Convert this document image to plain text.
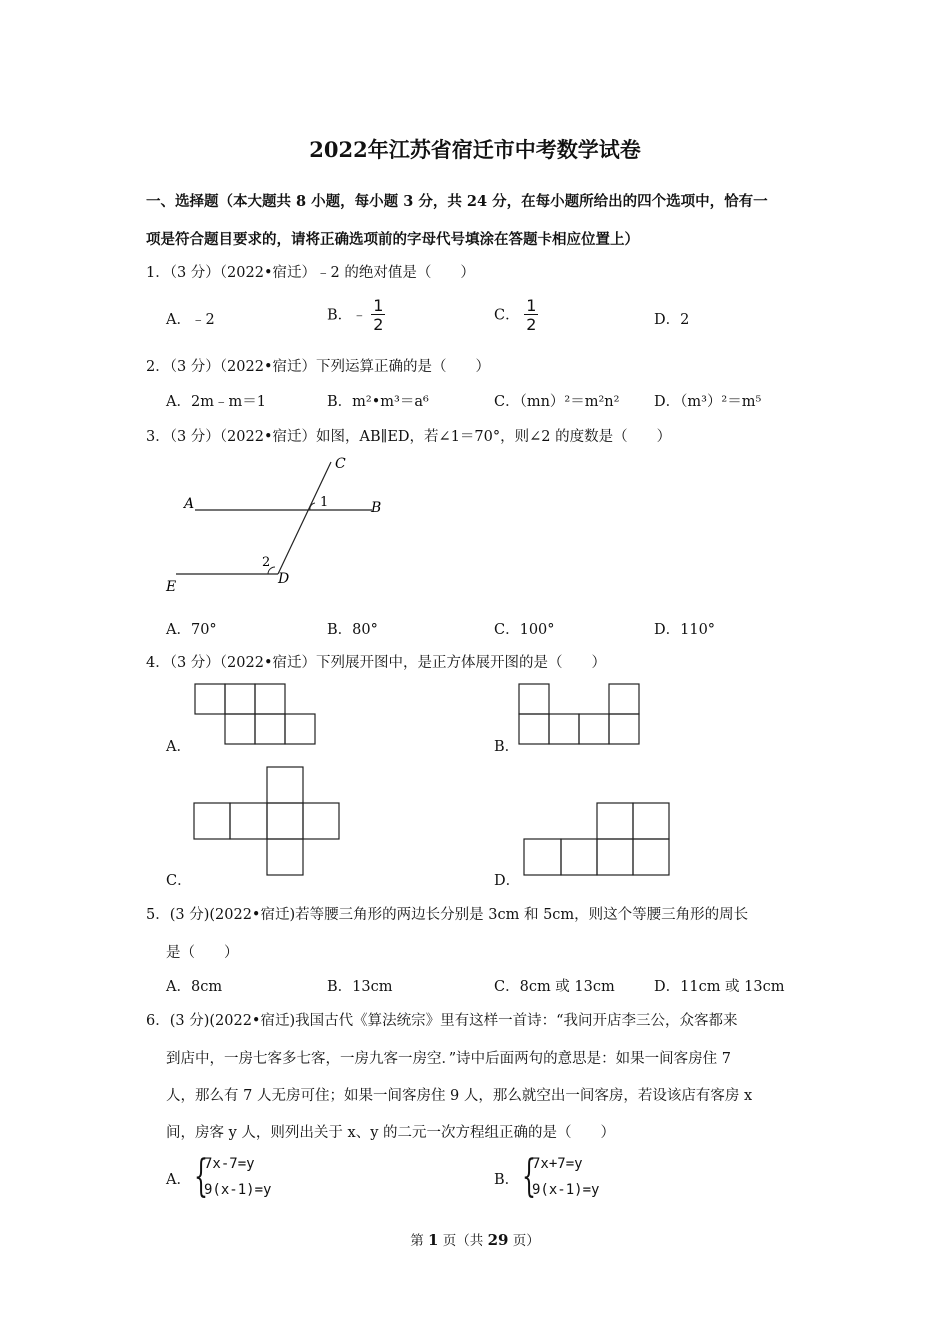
2022年江苏省宿迁市中考数学试卷
一、选择题（本大题共 8 小题，每小题 3 分，共 24 分，在每小题所给出的四个选项中，恰有一
项是符合题目要求的，请将正确选项前的字母代号填涂在答题卡相应位置上）
1．（3 分）（2022•宿迁）﹣2 的绝对值是（　　）
A．﹣2	B．﹣ $\frac{1}{2}$	C． $\frac{1}{2}$	D．2
2．（3 分）（2022•宿迁）下列运算正确的是（　　）
A．2m﹣m＝1	B．m²•m³＝a⁶	C．（mn）²＝m²n² D．（m³）²＝m⁵
3．（3 分）（2022•宿迁）如图，AB∥ED，若∠1＝70°，则∠2 的度数是（　　）
A	B
C
D
E
1
2
A．70°	B．80°	C．100°	D．110°
4．（3 分）（2022•宿迁）下列展开图中，是正方体展开图的是（　　）
A．	B．
C．	D．
5．(3 分)(2022•宿迁)若等腰三角形的两边长分别是 3cm 和 5cm，则这个等腰三角形的周长
是（　　）
A．8cm	B．13cm	C．8cm 或 13cm	D．11cm 或 13cm
6．(3 分)(2022•宿迁)我国古代《算法统宗》里有这样一首诗：“我问开店李三公，众客都来
到店中，一房七客多七客，一房九客一房空．”诗中后面两句的意思是：如果一间客房住 7
人，那么有 7 人无房可住；如果一间客房住 9 人，那么就空出一间客房，若设该店有客房 x
间，房客 y 人，则列出关于 x、y 的二元一次方程组正确的是（　　）
A． {
7x-7=y
9(x-1)=y
B． {
7x+7=y
9(x-1)=y
第 1 页（共 29 页）
